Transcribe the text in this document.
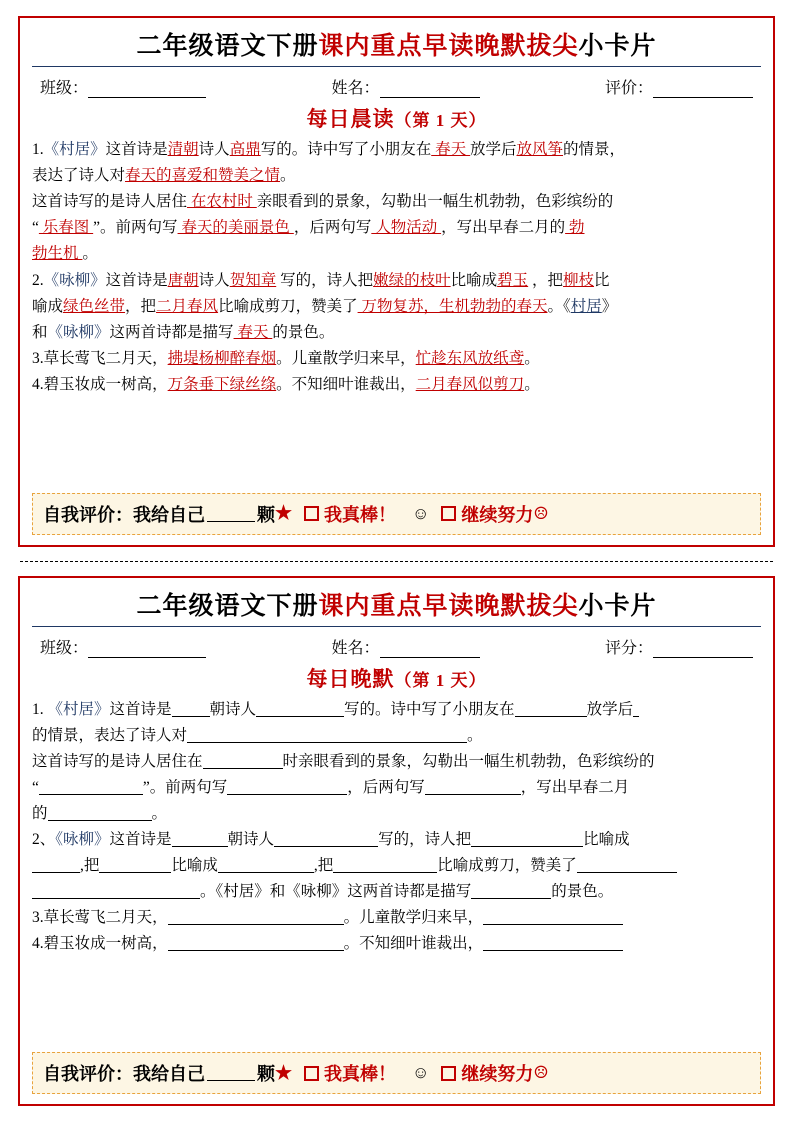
二年级语文下册课内重点早读晚默拔尖小卡片
班级：	姓名：	评价：
每日晨读（第 1 天）

1.《村居》这首诗是清朝诗人高鼎写的。诗中写了小朋友在 春天 放学后放风筝的情景，

表达了诗人对春天的喜爱和赞美之情。

这首诗写的是诗人居住 在农村时 亲眼看到的景象，勾勒出一幅生机勃勃，色彩缤纷的

“ 乐春图 ”。前两句写 春天的美丽景色 ，后两句写 人物活动 ，写出早春二月的 勃

勃生机 。

2.《咏柳》这首诗是唐朝诗人贺知章 写的，诗人把嫩绿的枝叶比喻成碧玉 ，把柳枝比

喻成绿色丝带，把二月春风比喻成剪刀，赞美了 万物复苏，生机勃勃的春天。《村居》

和《咏柳》这两首诗都是描写 春天 的景色。

3.草长莺飞二月天，拂堤杨柳醉春烟。儿童散学归来早，忙趁东风放纸鸢。

4.碧玉妆成一树高，万条垂下绿丝绦。不知细叶谁裁出，二月春风似剪刀。

自我评价：我给自己	颗 ★ 我真棒！ ☺ 继续努力 ☹
二年级语文下册课内重点早读晚默拔尖小卡片
班级：	姓名：	评分：
每日晚默（第 1 天）

1. 《村居》这首诗是 朝诗人	写的。诗中写了小朋友在	放学后

的情景，表达了诗人对	。

这首诗写的是诗人居住在	时亲眼看到的景象，勾勒出一幅生机勃勃，色彩缤纷的

“	”。前两句写	，后两句写	，写出早春二月

的	。

2、《咏柳》这首诗是	朝诗人	写的，诗人把	比喻成

,把	比喻成	,把	比喻成剪刀，赞美了

。《村居》和《咏柳》这两首诗都是描写	的景色。

3.草长莺飞二月天，	。儿童散学归来早，

4.碧玉妆成一树高，	。不知细叶谁裁出，

自我评价：我给自己	颗 ★ 我真棒！ ☺ 继续努力 ☹
